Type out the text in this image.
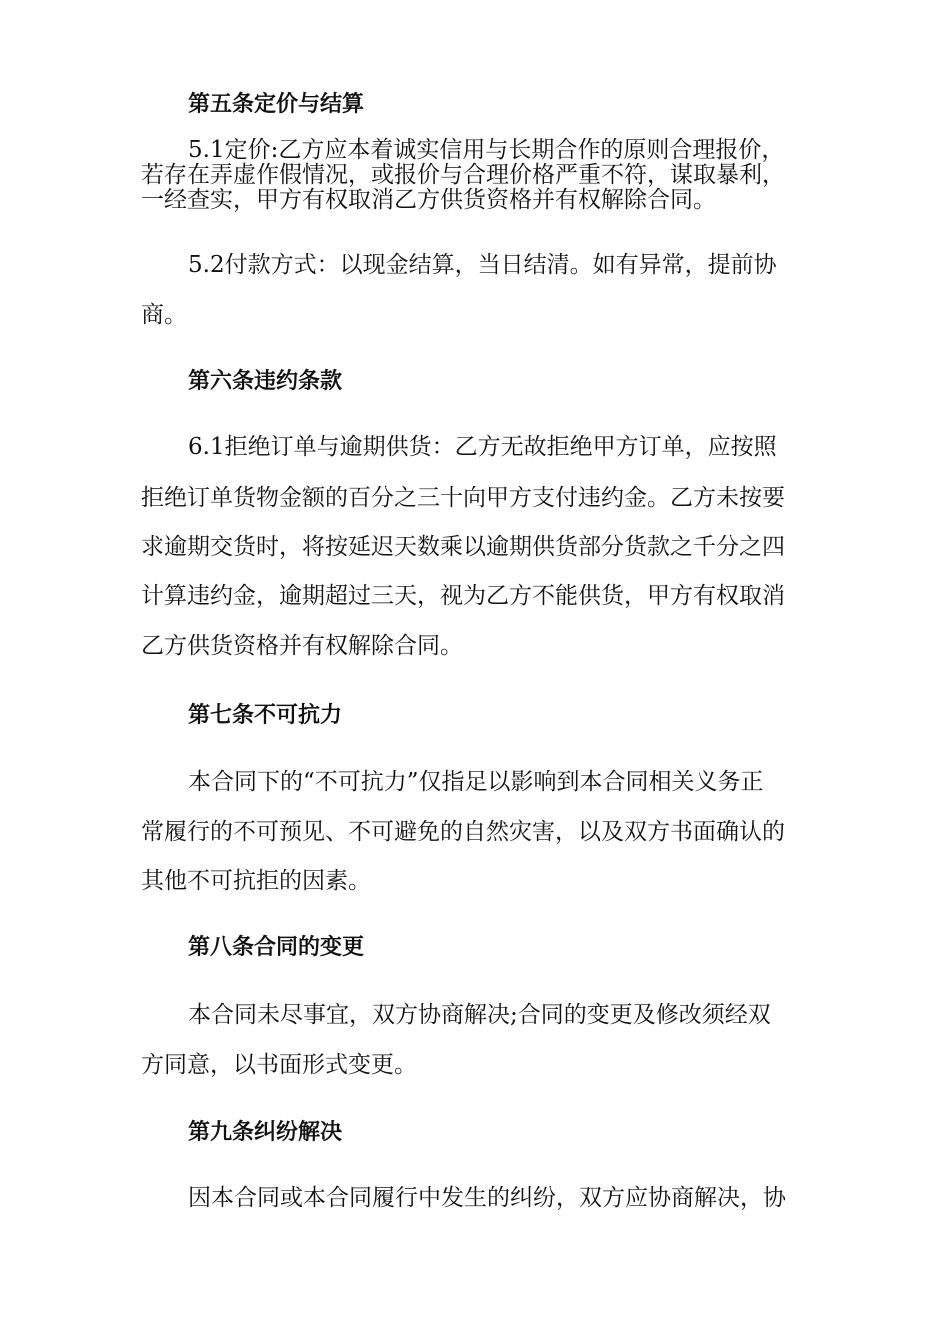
第五条定价与结算
5.1定价:乙方应本着诚实信用与长期合作的原则合理报价，
若存在弄虚作假情况，或报价与合理价格严重不符，谋取暴利，
一经查实，甲方有权取消乙方供货资格并有权解除合同。
5.2付款方式：以现金结算，当日结清。如有异常，提前协
商。
第六条违约条款
6.1拒绝订单与逾期供货：乙方无故拒绝甲方订单，应按照
拒绝订单货物金额的百分之三十向甲方支付违约金。乙方未按要
求逾期交货时，将按延迟天数乘以逾期供货部分货款之千分之四
计算违约金，逾期超过三天，视为乙方不能供货，甲方有权取消
乙方供货资格并有权解除合同。
第七条不可抗力
本合同下的“不可抗力”仅指足以影响到本合同相关义务正
常履行的不可预见、不可避免的自然灾害，以及双方书面确认的
其他不可抗拒的因素。
第八条合同的变更
本合同未尽事宜，双方协商解决;合同的变更及修改须经双
方同意，以书面形式变更。
第九条纠纷解决
因本合同或本合同履行中发生的纠纷，双方应协商解决，协
